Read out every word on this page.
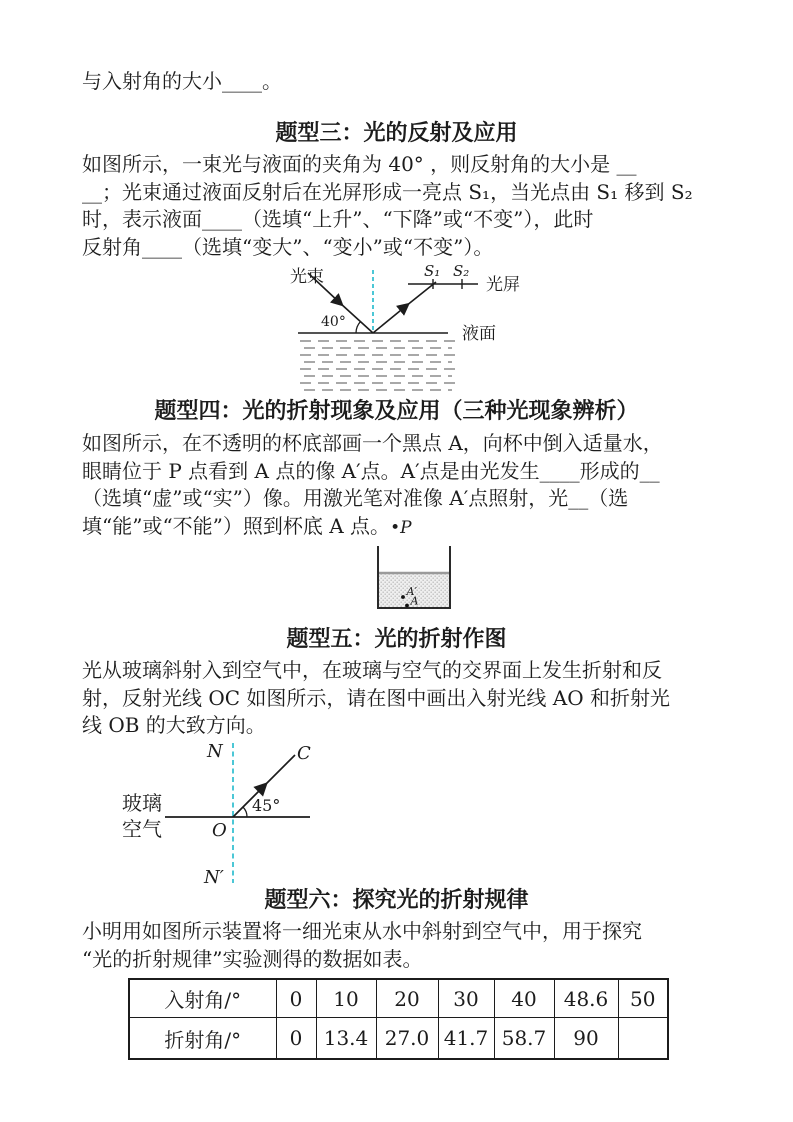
与入射角的大小____。
题型三：光的反射及应用
如图所示，一束光与液面的夹角为 40° ，则反射角的大小是 __
__；光束通过液面反射后在光屏形成一亮点 S₁，当光点由 S₁ 移到 S₂
时，表示液面____（选填“上升”、“下降”或“不变”），此时
反射角____（选填“变大”、“变小”或“不变”）。
光束
40°
S₁ S₂
光屏
液面
题型四：光的折射现象及应用（三种光现象辨析）
如图所示，在不透明的杯底部画一个黑点 A，向杯中倒入适量水，
眼睛位于 P 点看到 A 点的像 A′点。A′点是由光发生____形成的__
（选填“虚”或“实”）像。用激光笔对准像 A′点照射，光__（选
填“能”或“不能”）照到杯底 A 点。•P
A′
A
题型五：光的折射作图
光从玻璃斜射入到空气中，在玻璃与空气的交界面上发生折射和反
射，反射光线 OC 如图所示，请在图中画出入射光线 AO 和折射光
线 OB 的大致方向。
N
N′
玻璃
空气	O
C
45°
题型六：探究光的折射规律
小明用如图所示装置将一细光束从水中斜射到空气中，用于探究
“光的折射规律”实验测得的数据如表。
入射角/°	0	10	20	30	40	48.6	50
折射角/°	0	13.4	27.0	41.7	58.7	90	
